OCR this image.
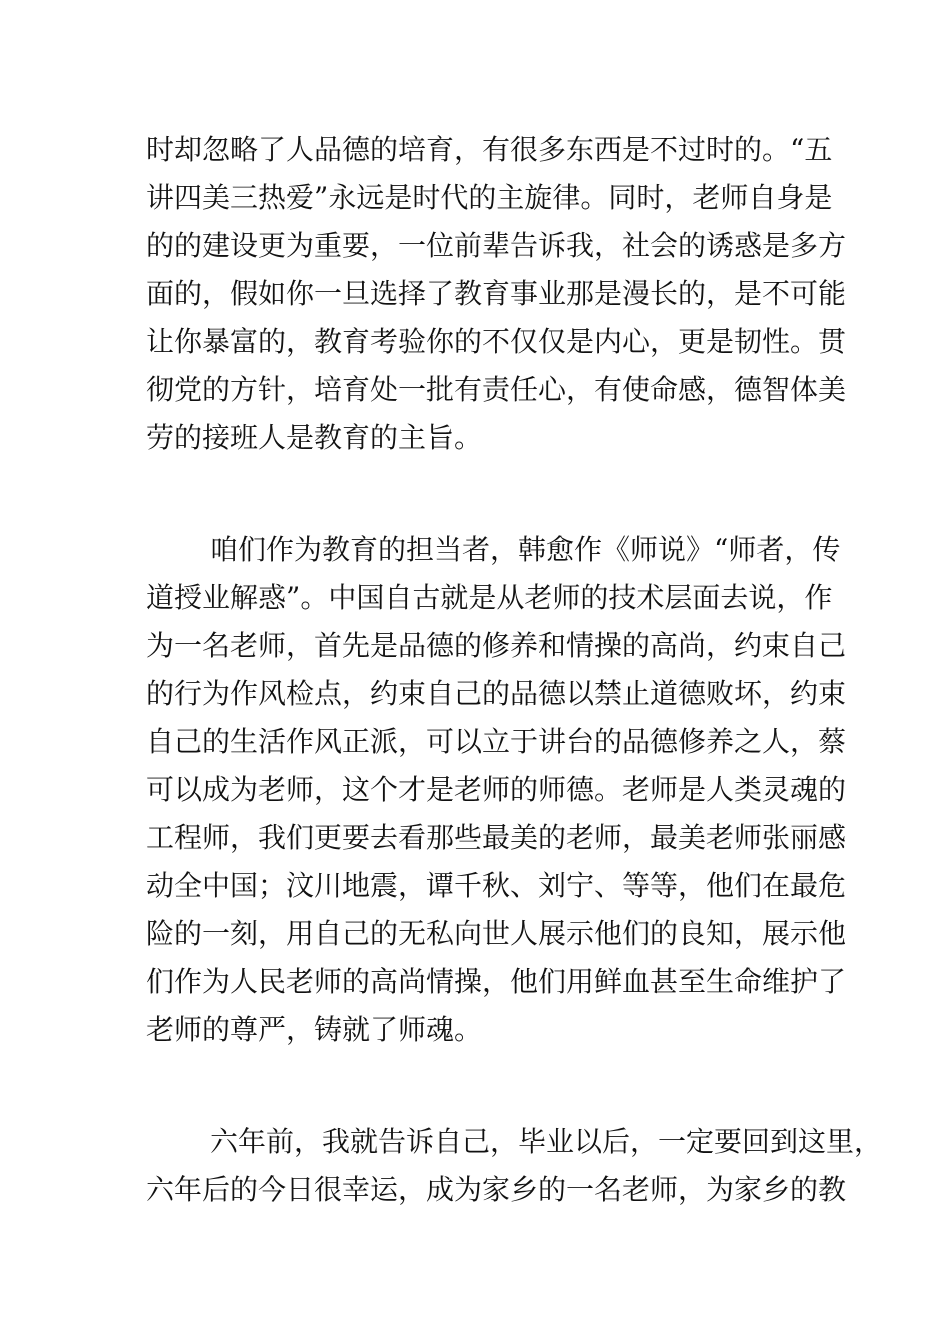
时却忽略了人品德的培育，有很多东西是不过时的。“五

讲四美三热爱”永远是时代的主旋律。同时，老师自身是

的的建设更为重要，一位前辈告诉我，社会的诱惑是多方

面的，假如你一旦选择了教育事业那是漫长的，是不可能

让你暴富的，教育考验你的不仅仅是内心，更是韧性。贯

彻党的方针，培育处一批有责任心，有使命感，德智体美

劳的接班人是教育的主旨。

咱们作为教育的担当者，韩愈作《师说》“师者，传

道授业解惑”。中国自古就是从老师的技术层面去说，作

为一名老师，首先是品德的修养和情操的高尚，约束自己

的行为作风检点，约束自己的品德以禁止道德败坏，约束

自己的生活作风正派，可以立于讲台的品德修养之人，蔡

可以成为老师，这个才是老师的师德。老师是人类灵魂的

工程师，我们更要去看那些最美的老师，最美老师张丽感

动全中国；汶川地震，谭千秋、刘宁、等等，他们在最危

险的一刻，用自己的无私向世人展示他们的良知，展示他

们作为人民老师的高尚情操，他们用鲜血甚至生命维护了

老师的尊严，铸就了师魂。

六年前，我就告诉自己，毕业以后，一定要回到这里，

六年后的今日很幸运，成为家乡的一名老师，为家乡的教
